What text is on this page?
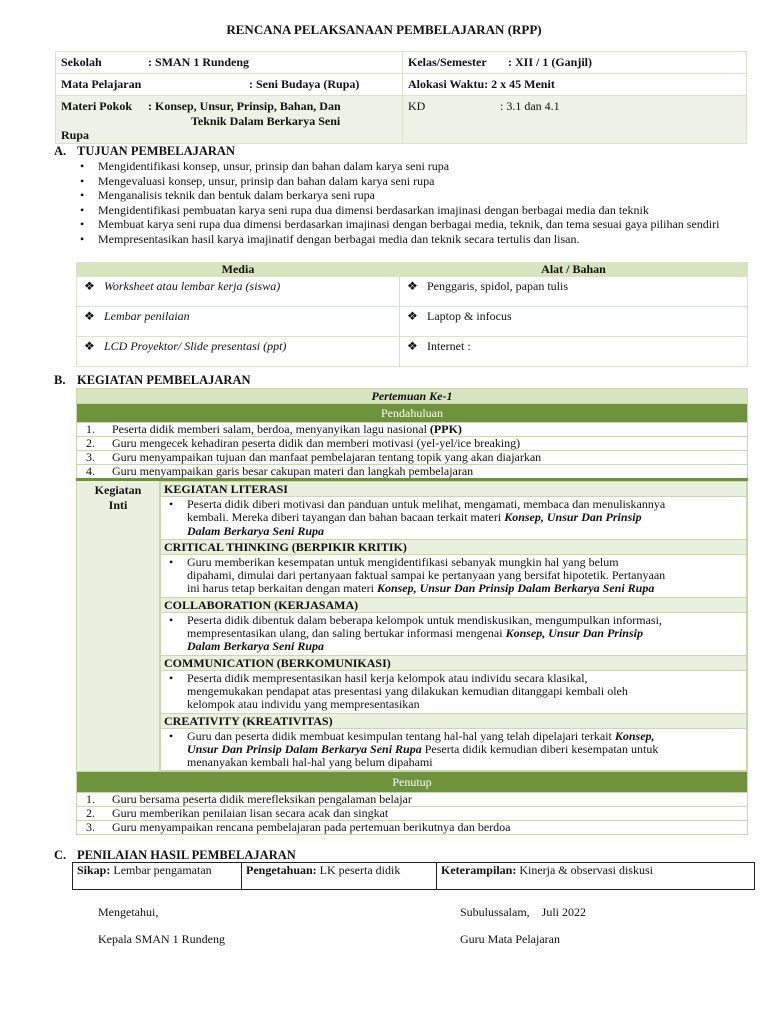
RENCANA PELAKSANAAN PEMBELAJARAN (RPP)
Sekolah : SMAN 1 Rundeng	Kelas/Semester : XII / 1 (Ganjil)
Mata Pelajaran : Seni Budaya (Rupa)	Alokasi Waktu: 2 x 45 Menit
Materi Pokok : Konsep, Unsur, Prinsip, Bahan, Dan
Teknik Dalam Berkarya Seni
Rupa	KD : 3.1 dan 4.1
A. TUJUAN PEMBELAJARAN
• Mengidentifikasi konsep, unsur, prinsip dan bahan dalam karya seni rupa
• Mengevaluasi konsep, unsur, prinsip dan bahan dalam karya seni rupa
• Menganalisis teknik dan bentuk dalam berkarya seni rupa
• Mengidentifikasi pembuatan karya seni rupa dua dimensi berdasarkan imajinasi dengan berbagai media dan teknik
• Membuat karya seni rupa dua dimensi berdasarkan imajinasi dengan berbagai media, teknik, dan tema sesuai gaya pilihan sendiri
• Mempresentasikan hasil karya imajinatif dengan berbagai media dan teknik secara tertulis dan lisan.
Media	Alat / Bahan
❖ Worksheet atau lembar kerja (siswa)	❖ Penggaris, spidol, papan tulis
❖ Lembar penilaian	❖ Laptop & infocus
❖ LCD Proyektor/ Slide presentasi (ppt)	❖ Internet :
B. KEGIATAN PEMBELAJARAN
Pertemuan Ke-1
Pendahuluan
1. Peserta didik memberi salam, berdoa, menyanyikan lagu nasional (PPK)
2. Guru mengecek kehadiran peserta didik dan memberi motivasi (yel-yel/ice breaking)
3. Guru menyampaikan tujuan dan manfaat pembelajaran tentang topik yang akan diajarkan
4. Guru menyampaikan garis besar cakupan materi dan langkah pembelajaran
Kegiatan
Inti	
KEGIATAN LITERASI

• Peserta didik diberi motivasi dan panduan untuk melihat, mengamati, membaca dan menuliskannya
kembali. Mereka diberi tayangan dan bahan bacaan terkait materi Konsep, Unsur Dan Prinsip
Dalam Berkarya Seni Rupa

CRITICAL THINKING (BERPIKIR KRITIK)

• Guru memberikan kesempatan untuk mengidentifikasi sebanyak mungkin hal yang belum
dipahami, dimulai dari pertanyaan faktual sampai ke pertanyaan yang bersifat hipotetik. Pertanyaan
ini harus tetap berkaitan dengan materi Konsep, Unsur Dan Prinsip Dalam Berkarya Seni Rupa
COLLABORATION (KERJASAMA)

• Peserta didik dibentuk dalam beberapa kelompok untuk mendiskusikan, mengumpulkan informasi,
mempresentasikan ulang, dan saling bertukar informasi mengenai Konsep, Unsur Dan Prinsip
Dalam Berkarya Seni Rupa

COMMUNICATION (BERKOMUNIKASI)

• Peserta didik mempresentasikan hasil kerja kelompok atau individu secara klasikal,
mengemukakan pendapat atas presentasi yang dilakukan kemudian ditanggapi kembali oleh
kelompok atau individu yang mempresentasikan

CREATIVITY (KREATIVITAS)
• Guru dan peserta didik membuat kesimpulan tentang hal-hal yang telah dipelajari terkait Konsep,
Unsur Dan Prinsip Dalam Berkarya Seni Rupa Peserta didik kemudian diberi kesempatan untuk
menanyakan kembali hal-hal yang belum dipahami

Penutup
1. Guru bersama peserta didik merefleksikan pengalaman belajar
2. Guru memberikan penilaian lisan secara acak dan singkat
3. Guru menyampaikan rencana pembelajaran pada pertemuan berikutnya dan berdoa
C. PENILAIAN HASIL PEMBELAJARAN
Sikap: Lembar pengamatan	Pengetahuan: LK peserta didik	Keterampilan: Kinerja & observasi diskusi
Mengetahui,
Kepala SMAN 1 Rundeng
Subulussalam,    Juli 2022
Guru Mata Pelajaran
